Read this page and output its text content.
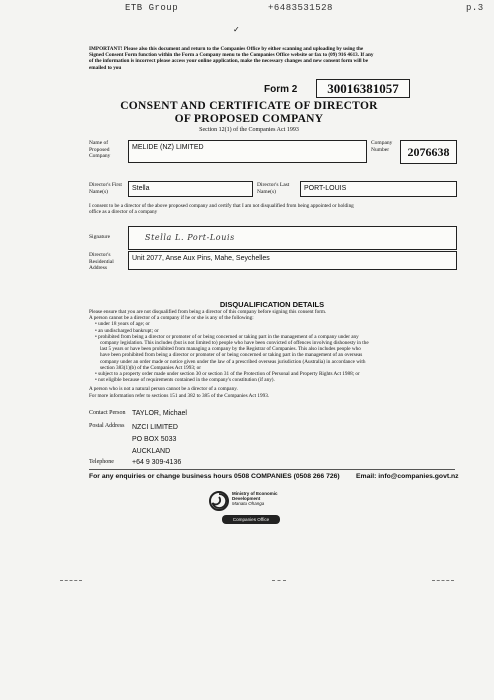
ETB Group	+6483531528	p.3
✓
IMPORTANT! Please also this document and return to the Companies Office by either scanning and uploading by using the
Signed Consent Form function within the Form a Company menu to the Companies Office website or fax to (09) 916 4613. If any
of the information is incorrect please access your online application, make the necessary changes and new consent form will be
emailed to you
Form 2	30016381057
CONSENT AND CERTIFICATE OF DIRECTOR
OF PROPOSED COMPANY
Section 12(1) of the Companies Act 1993
Name of Proposed Company
MELIDE (NZ) LIMITED
Company Number	2076638
Director's First Name(s)	Stella	Director's Last Name(s)	PORT-LOUIS
I consent to be a director of the above proposed company and certify that I am not disqualified from being appointed or holding
office as a director of a company
Signature	Stella L. Port-Louis
Director's Residential Address
Unit 2077, Anse Aux Pins, Mahe, Seychelles
DISQUALIFICATION DETAILS
Please ensure that you are not disqualified from being a director of this company before signing this consent form.
A person cannot be a director of a company if he or she is any of the following:
• under 18 years of age; or
• an undischarged bankrupt; or
• prohibited from being a director or promoter of or being concerned or taking part in the management of a company under any
company legislation. This includes (but is not limited to) people who have been convicted of offences involving dishonesty in the
last 5 years or have been prohibited from managing a company by the Registrar of Companies. This also includes people who
have been prohibited from being a director or promoter of or being concerned or taking part in the management of an overseas
company under an order made or notice given under the law of a prescribed overseas jurisdiction (Australia) in accordance with
section 383(1)(b) of the Companies Act 1993; or
• subject to a property order made under section 30 or section 31 of the Protection of Personal and Property Rights Act 1988; or
• not eligible because of requirements contained in the company's constitution (if any).
A person who is not a natural person cannot be a director of a company.
For more information refer to sections 151 and 382 to 385 of the Companies Act 1993.
Contact Person TAYLOR, Michael
Postal Address NZCI LIMITED
PO BOX 5033
AUCKLAND
Telephone	+64 9 309-4136
For any enquiries or change business hours 0508 COMPANIES (0508 266 726) Email: info@companies.govt.nz
Ministry of Economic
Development
Manatu Ohanga
Companies Office
